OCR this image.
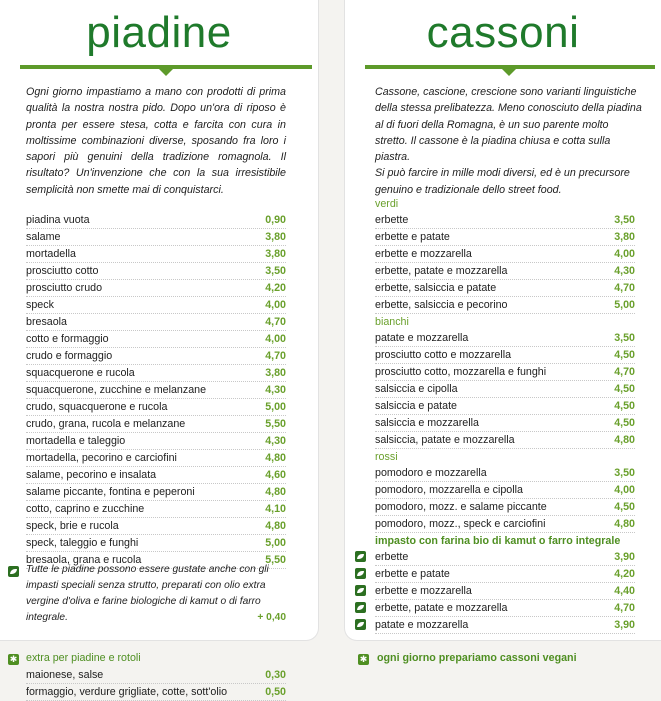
piadine
Ogni giorno impastiamo a mano con prodotti di prima qualità la nostra nostra pido. Dopo un'ora di riposo è pronta per essere stesa, cotta e farcita con cura in moltissime combinazioni diverse, sposando fra loro i sapori più genuini della tradizione romagnola. Il risultato? Un'invenzione che con la sua irresistibile semplicità non smette mai di conquistarci.
piadina vuota	0,90
salame	3,80
mortadella	3,80
prosciutto cotto	3,50
prosciutto crudo	4,20
speck	4,00
bresaola	4,70
cotto e formaggio	4,00
crudo e formaggio	4,70
squacquerone e rucola	3,80
squacquerone, zucchine e melanzane	4,30
crudo, squacquerone e rucola	5,00
crudo, grana, rucola e melanzane	5,50
mortadella e taleggio	4,30
mortadella, pecorino e carciofini	4,80
salame, pecorino e insalata	4,60
salame piccante, fontina e peperoni	4,80
cotto, caprino e zucchine	4,10
speck, brie e rucola	4,80
speck, taleggio e funghi	5,00
bresaola, grana e rucola	5,50
Tutte le piadine possono essere gustate anche con gli impasti speciali senza strutto, preparati con olio extra vergine d'oliva e farine biologiche di kamut o di farro integrale.	+ 0,40
cassoni
Cassone, cascione, crescione sono varianti linguistiche della stessa prelibatezza. Meno conosciuto della piadina al di fuori della Romagna, è un suo parente molto stretto. Il cassone è la piadina chiusa e cotta sulla piastra.
Si può farcire in mille modi diversi, ed è un precursore genuino e tradizionale dello street food.
verdi
erbette	3,50
erbette e patate	3,80
erbette e mozzarella	4,00
erbette, patate e mozzarella	4,30
erbette, salsiccia e patate	4,70
erbette, salsiccia e pecorino	5,00
bianchi
patate e mozzarella	3,50
prosciutto cotto e mozzarella	4,50
prosciutto cotto, mozzarella e funghi	4,70
salsiccia e cipolla	4,50
salsiccia e patate	4,50
salsiccia e mozzarella	4,50
salsiccia, patate e mozzarella	4,80
rossi
pomodoro e mozzarella	3,50
pomodoro, mozzarella e cipolla	4,00
pomodoro, mozz. e salame piccante	4,50
pomodoro, mozz., speck e carciofini	4,80
impasto con farina bio di kamut o farro integrale
erbette	3,90
erbette e patate	4,20
erbette e mozzarella	4,40
erbette, patate e mozzarella	4,70
patate e mozzarella	3,90
✱ extra per piadine e rotoli
maionese, salse	0,30
formaggio, verdure grigliate, cotte, sott'olio	0,50
✱ ogni giorno prepariamo cassoni vegani
